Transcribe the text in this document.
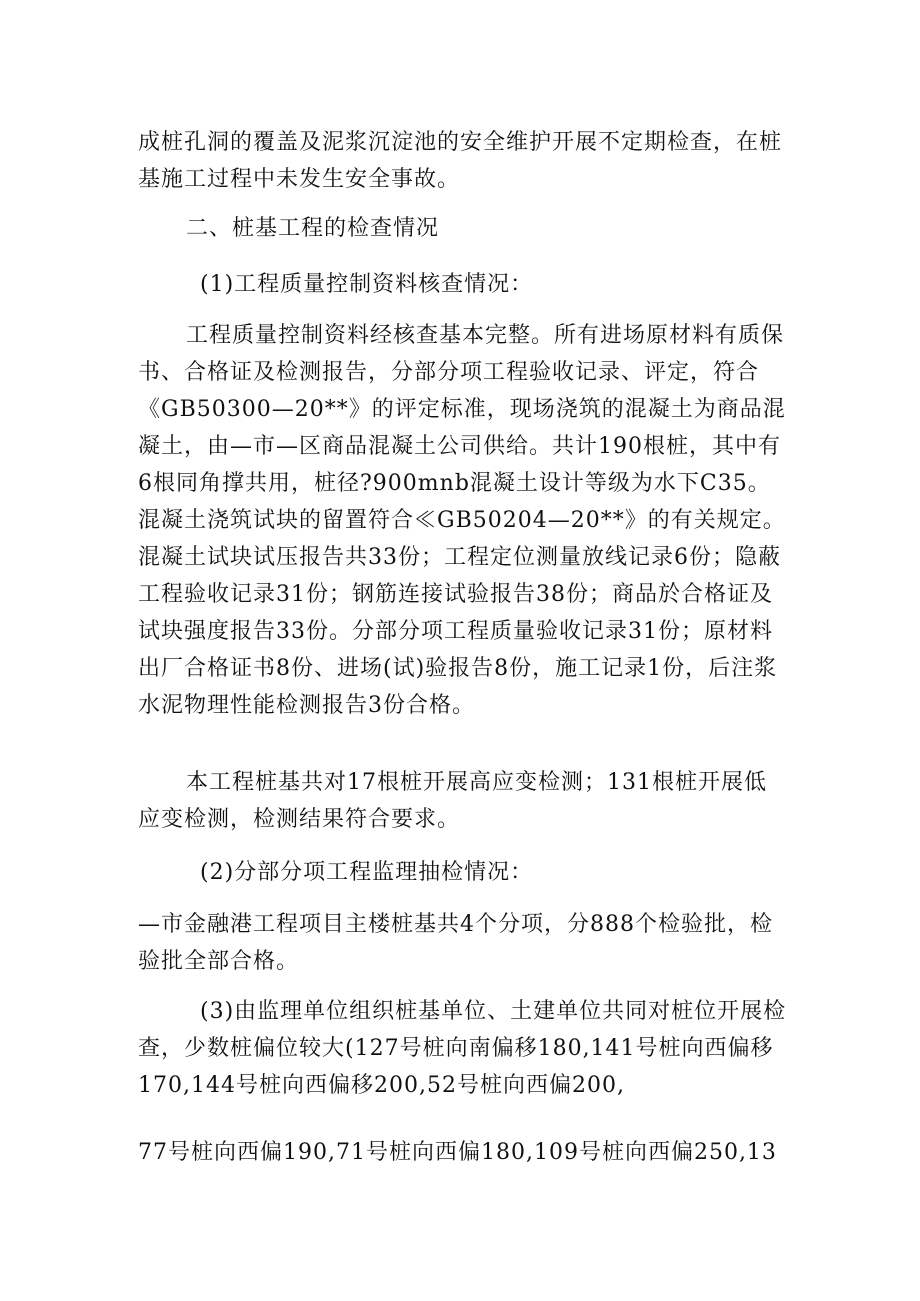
成桩孔洞的覆盖及泥浆沉淀池的安全维护开展不定期检查，在桩基施工过程中未发生安全事故。

二、桩基工程的检查情况

(1)工程质量控制资料核查情况：

工程质量控制资料经核查基本完整。所有进场原材料有质保书、合格证及检测报告，分部分项工程验收记录、评定，符合《GB50300—20**》的评定标准，现场浇筑的混凝土为商品混凝土，由—市—区商品混凝土公司供给。共计190根桩，其中有6根同角撑共用，桩径?900mnb混凝土设计等级为水下C35。混凝土浇筑试块的留置符合≪GB50204—20**》的有关规定。混凝土试块试压报告共33份；工程定位测量放线记录6份；隐蔽工程验收记录31份；钢筋连接试验报告38份；商品於合格证及试块强度报告33份。分部分项工程质量验收记录31份；原材料出厂合格证书8份、进场(试)验报告8份，施工记录1份，后注浆水泥物理性能检测报告3份合格。

本工程桩基共对17根桩开展高应变检测；131根桩开展低应变检测，检测结果符合要求。

(2)分部分项工程监理抽检情况：

—市金融港工程项目主楼桩基共4个分项，分888个检验批，检验批全部合格。

(3)由监理单位组织桩基单位、土建单位共同对桩位开展检查，少数桩偏位较大(127号桩向南偏移180,141号桩向西偏移170,144号桩向西偏移200,52号桩向西偏200,

77号桩向西偏190,71号桩向西偏180,109号桩向西偏250,13
